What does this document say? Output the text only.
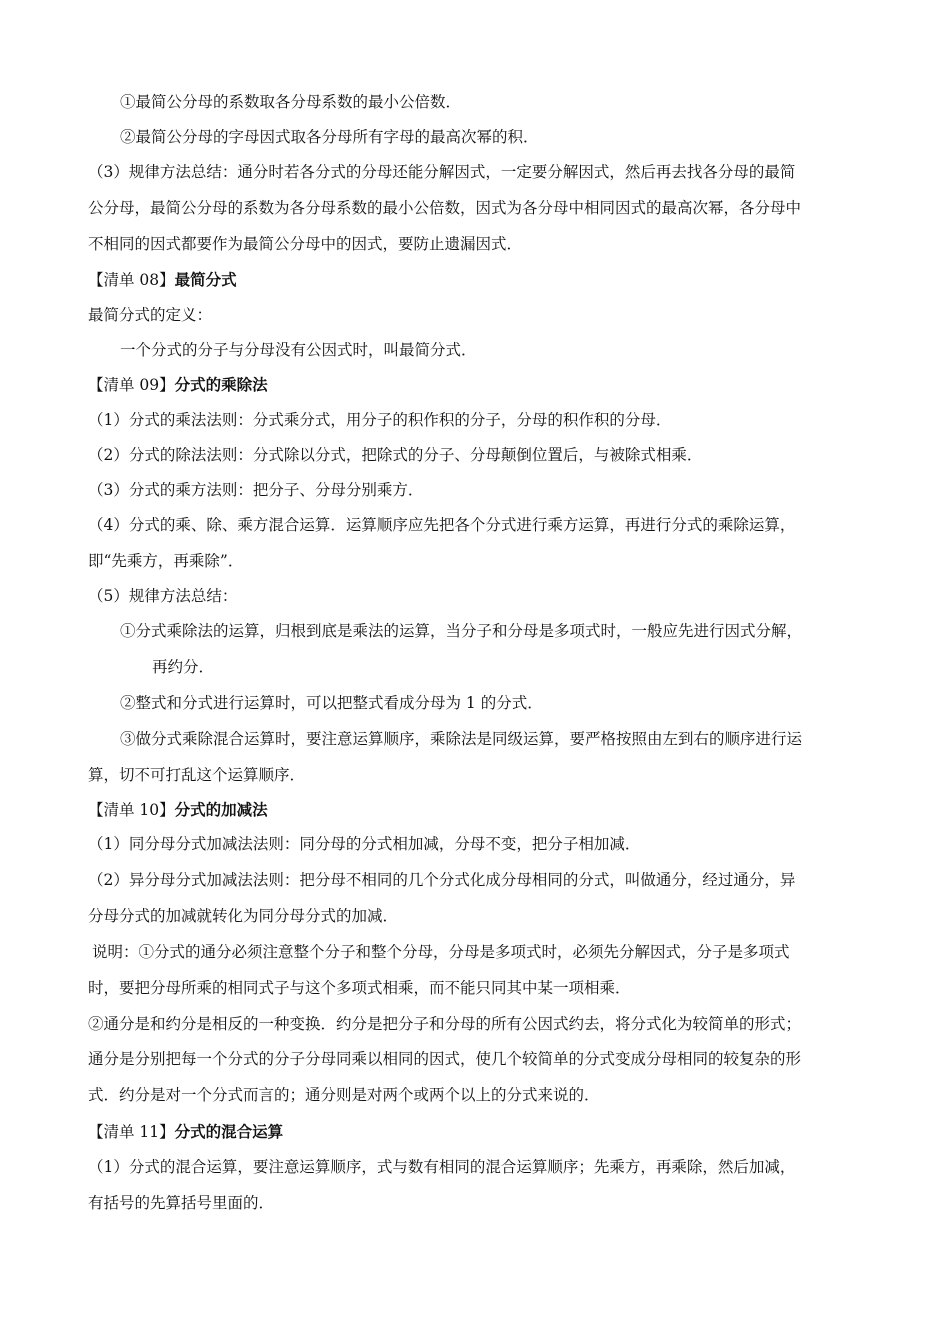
①最简公分母的系数取各分母系数的最小公倍数．
②最简公分母的字母因式取各分母所有字母的最高次幂的积．
（3）规律方法总结：通分时若各分式的分母还能分解因式，一定要分解因式，然后再去找各分母的最简
公分母，最简公分母的系数为各分母系数的最小公倍数，因式为各分母中相同因式的最高次幂，各分母中
不相同的因式都要作为最简公分母中的因式，要防止遗漏因式．
【清单 08】最简分式
最简分式的定义：
一个分式的分子与分母没有公因式时，叫最简分式．
【清单 09】分式的乘除法
（1）分式的乘法法则：分式乘分式，用分子的积作积的分子，分母的积作积的分母．
（2）分式的除法法则：分式除以分式，把除式的分子、分母颠倒位置后，与被除式相乘．
（3）分式的乘方法则：把分子、分母分别乘方．
（4）分式的乘、除、乘方混合运算．运算顺序应先把各个分式进行乘方运算，再进行分式的乘除运算，
即“先乘方，再乘除”．
（5）规律方法总结：
①分式乘除法的运算，归根到底是乘法的运算，当分子和分母是多项式时，一般应先进行因式分解，
再约分．
②整式和分式进行运算时，可以把整式看成分母为 1 的分式．
③做分式乘除混合运算时，要注意运算顺序，乘除法是同级运算，要严格按照由左到右的顺序进行运
算，切不可打乱这个运算顺序．
【清单 10】分式的加减法
（1）同分母分式加减法法则：同分母的分式相加减，分母不变，把分子相加减．
（2）异分母分式加减法法则：把分母不相同的几个分式化成分母相同的分式，叫做通分，经过通分，异
分母分式的加减就转化为同分母分式的加减．
说明：①分式的通分必须注意整个分子和整个分母，分母是多项式时，必须先分解因式，分子是多项式
时，要把分母所乘的相同式子与这个多项式相乘，而不能只同其中某一项相乘．
②通分是和约分是相反的一种变换．约分是把分子和分母的所有公因式约去，将分式化为较简单的形式；
通分是分别把每一个分式的分子分母同乘以相同的因式，使几个较简单的分式变成分母相同的较复杂的形
式．约分是对一个分式而言的；通分则是对两个或两个以上的分式来说的．
【清单 11】分式的混合运算
（1）分式的混合运算，要注意运算顺序，式与数有相同的混合运算顺序；先乘方，再乘除，然后加减，
有括号的先算括号里面的．
